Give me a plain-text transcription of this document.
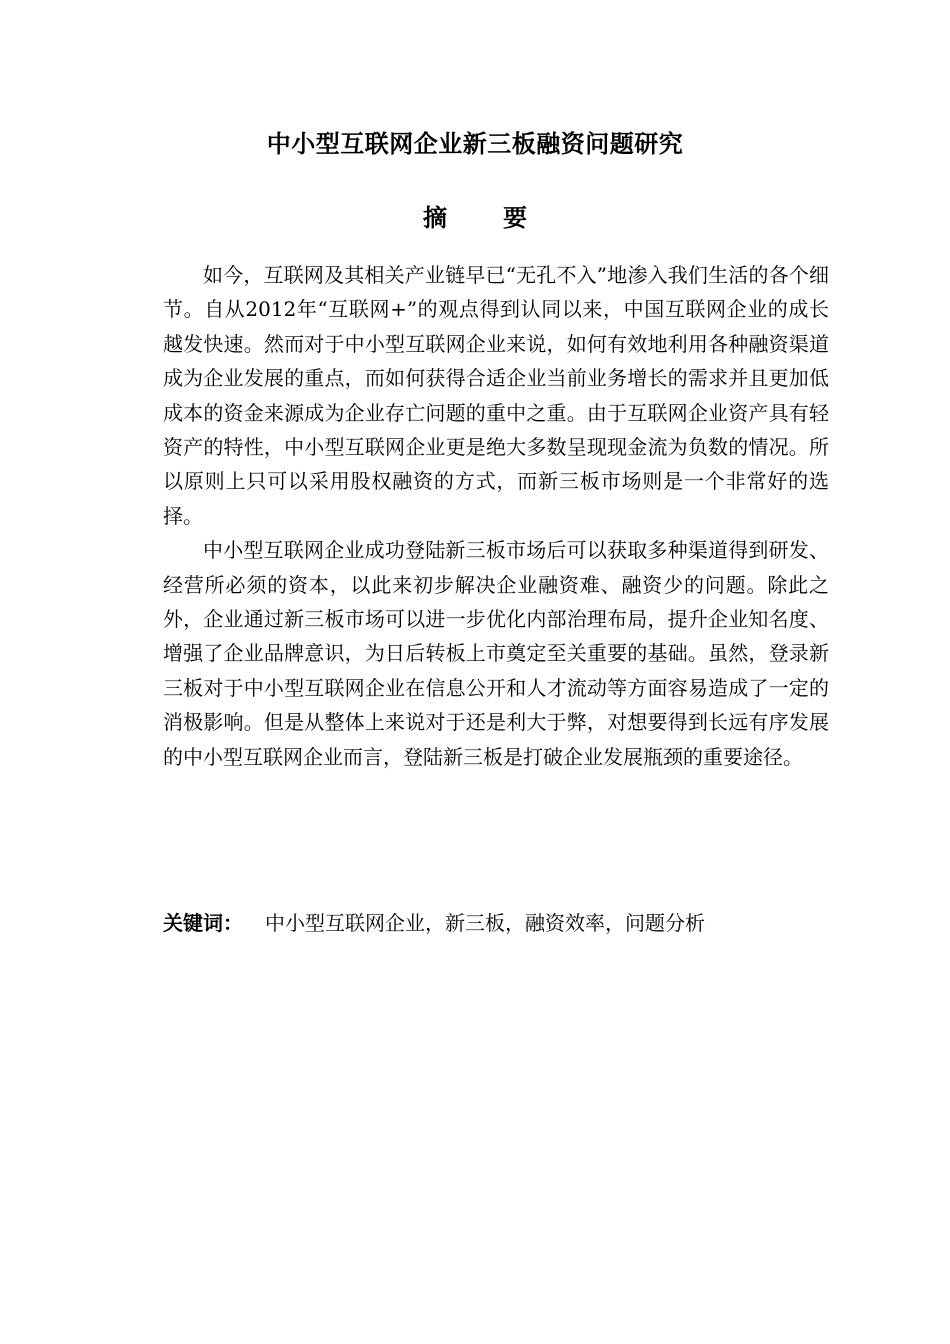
中小型互联网企业新三板融资问题研究
摘要

如今，互联网及其相关产业链早已“无孔不入”地渗入我们生活的各个细节。自从2012年“互联网+”的观点得到认同以来，中国互联网企业的成长越发快速。然而对于中小型互联网企业来说，如何有效地利用各种融资渠道成为企业发展的重点，而如何获得合适企业当前业务增长的需求并且更加低成本的资金来源成为企业存亡问题的重中之重。由于互联网企业资产具有轻资产的特性，中小型互联网企业更是绝大多数呈现现金流为负数的情况。所以原则上只可以采用股权融资的方式，而新三板市场则是一个非常好的选择。

中小型互联网企业成功登陆新三板市场后可以获取多种渠道得到研发、经营所必须的资本，以此来初步解决企业融资难、融资少的问题。除此之外，企业通过新三板市场可以进一步优化内部治理布局，提升企业知名度、增强了企业品牌意识，为日后转板上市奠定至关重要的基础。虽然，登录新三板对于中小型互联网企业在信息公开和人才流动等方面容易造成了一定的消极影响。但是从整体上来说对于还是利大于弊，对想要得到长远有序发展的中小型互联网企业而言，登陆新三板是打破企业发展瓶颈的重要途径。

关键词： 中小型互联网企业，新三板，融资效率，问题分析
